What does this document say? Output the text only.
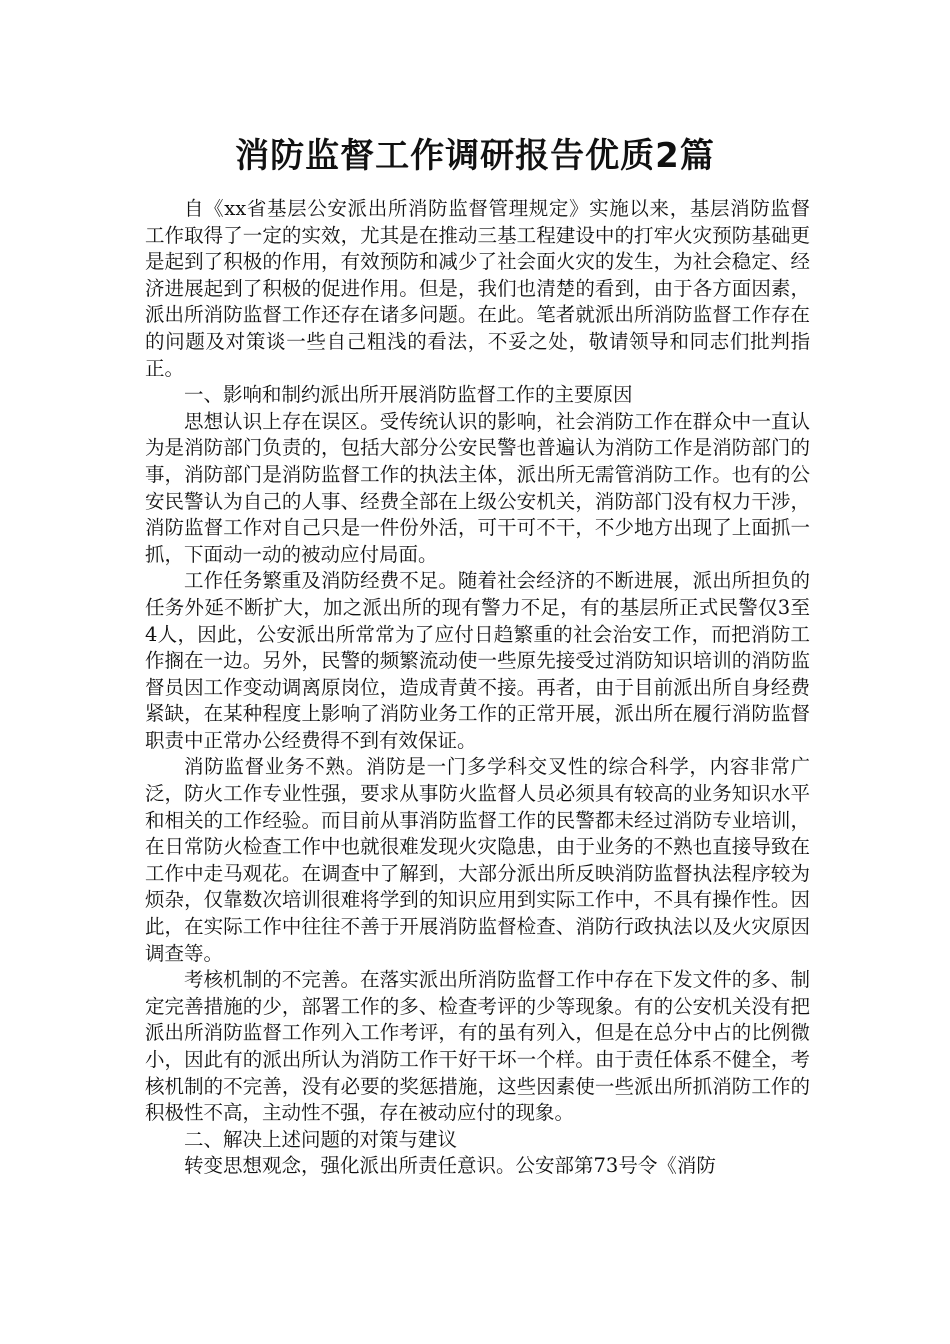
消防监督工作调研报告优质2篇

自《xx省基层公安派出所消防监督管理规定》实施以来，基层消防监督工作取得了一定的实效，尤其是在推动三基工程建设中的打牢火灾预防基础更是起到了积极的作用，有效预防和减少了社会面火灾的发生，为社会稳定、经济进展起到了积极的促进作用。但是，我们也清楚的看到，由于各方面因素，派出所消防监督工作还存在诸多问题。在此。笔者就派出所消防监督工作存在的问题及对策谈一些自己粗浅的看法，不妥之处，敬请领导和同志们批判指正。

一、影响和制约派出所开展消防监督工作的主要原因

思想认识上存在误区。受传统认识的影响，社会消防工作在群众中一直认为是消防部门负责的，包括大部分公安民警也普遍认为消防工作是消防部门的事，消防部门是消防监督工作的执法主体，派出所无需管消防工作。也有的公安民警认为自己的人事、经费全部在上级公安机关，消防部门没有权力干涉，消防监督工作对自己只是一件份外活，可干可不干，不少地方出现了上面抓一抓，下面动一动的被动应付局面。

工作任务繁重及消防经费不足。随着社会经济的不断进展，派出所担负的任务外延不断扩大，加之派出所的现有警力不足，有的基层所正式民警仅3至4人，因此，公安派出所常常为了应付日趋繁重的社会治安工作，而把消防工作搁在一边。另外，民警的频繁流动使一些原先接受过消防知识培训的消防监督员因工作变动调离原岗位，造成青黄不接。再者，由于目前派出所自身经费紧缺，在某种程度上影响了消防业务工作的正常开展，派出所在履行消防监督职责中正常办公经费得不到有效保证。

消防监督业务不熟。消防是一门多学科交叉性的综合科学，内容非常广泛，防火工作专业性强，要求从事防火监督人员必须具有较高的业务知识水平和相关的工作经验。而目前从事消防监督工作的民警都未经过消防专业培训，在日常防火检查工作中也就很难发现火灾隐患，由于业务的不熟也直接导致在工作中走马观花。在调查中了解到，大部分派出所反映消防监督执法程序较为烦杂，仅靠数次培训很难将学到的知识应用到实际工作中，不具有操作性。因此，在实际工作中往往不善于开展消防监督检查、消防行政执法以及火灾原因调查等。

考核机制的不完善。在落实派出所消防监督工作中存在下发文件的多、制定完善措施的少，部署工作的多、检查考评的少等现象。有的公安机关没有把派出所消防监督工作列入工作考评，有的虽有列入，但是在总分中占的比例微小，因此有的派出所认为消防工作干好干坏一个样。由于责任体系不健全，考核机制的不完善，没有必要的奖惩措施，这些因素使一些派出所抓消防工作的积极性不高，主动性不强，存在被动应付的现象。

二、解决上述问题的对策与建议

转变思想观念，强化派出所责任意识。公安部第73号令《消防
